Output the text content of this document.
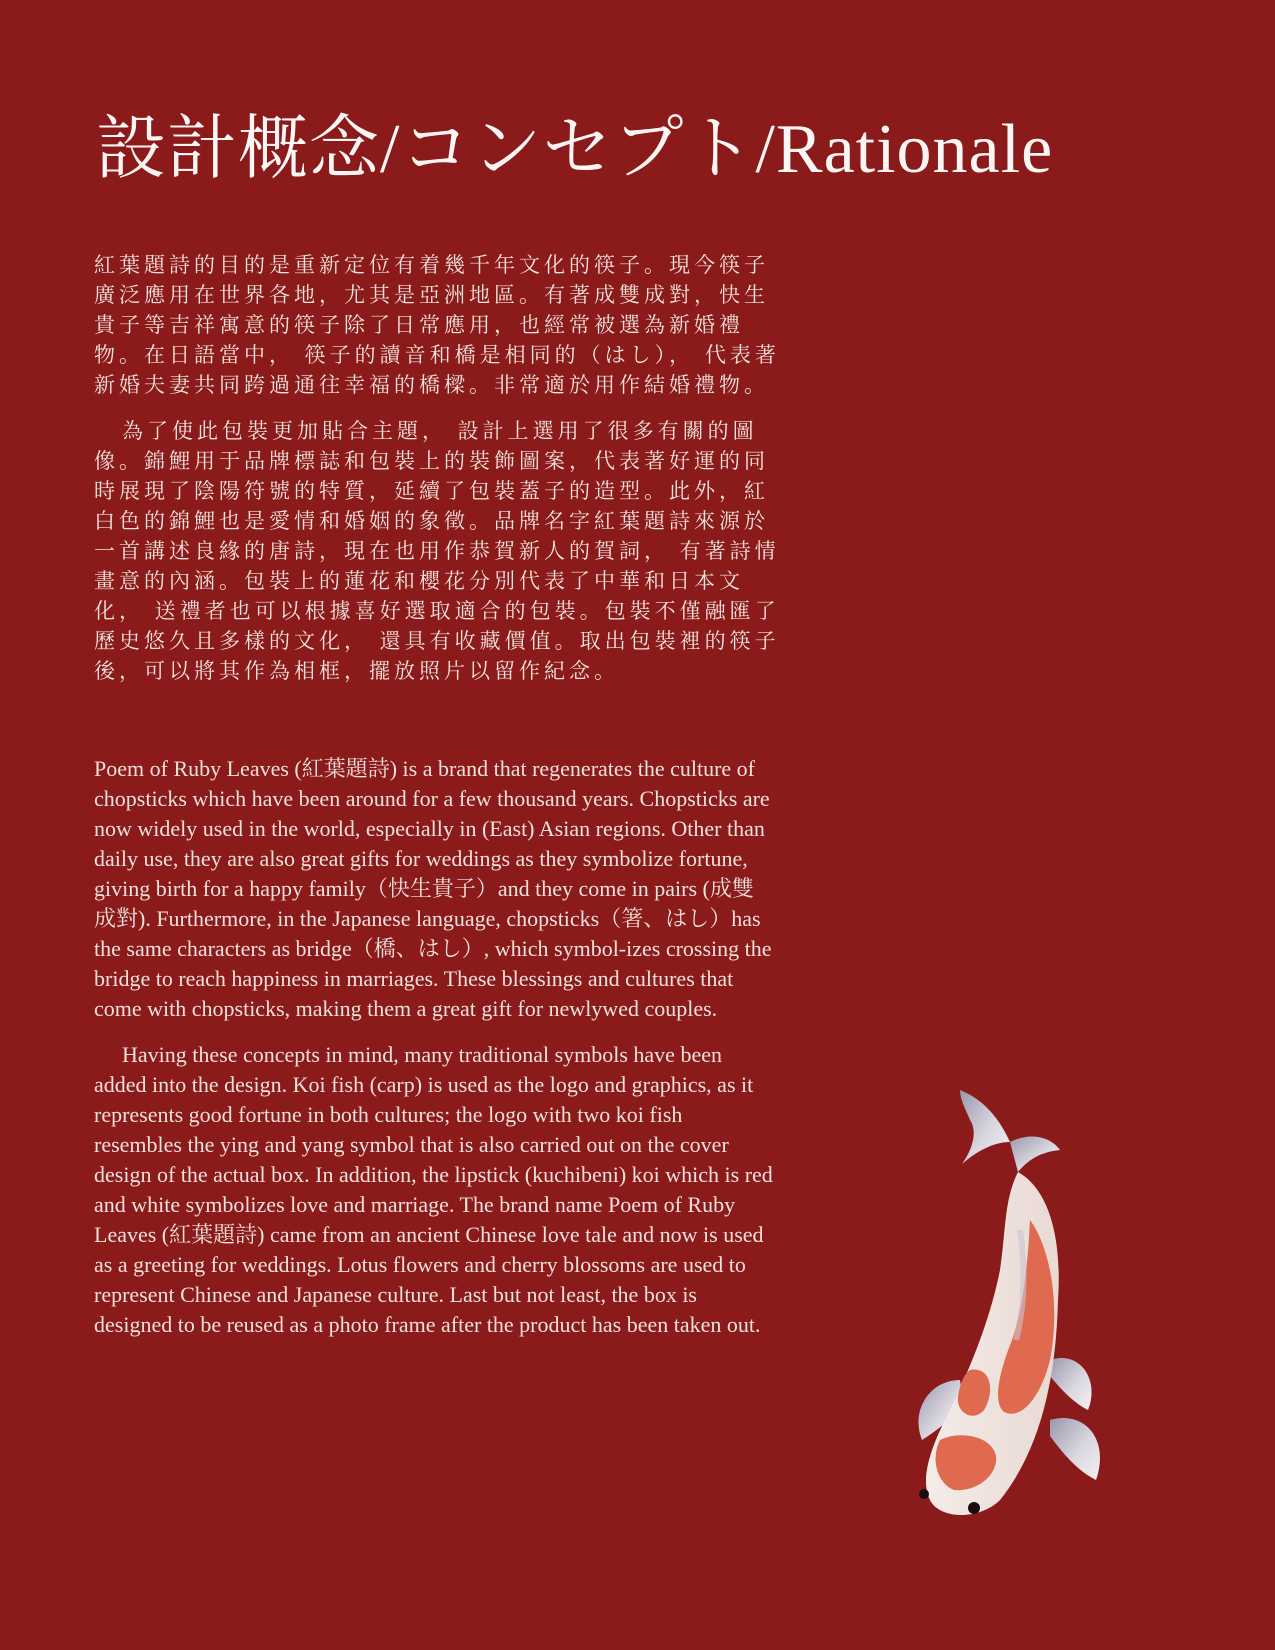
設計概念/コンセプト/Rationale

紅葉題詩的目的是重新定位有着幾千年文化的筷子。現今筷子廣泛應用在世界各地，尤其是亞洲地區。有著成雙成對，快生貴子等吉祥寓意的筷子除了日常應用，也經常被選為新婚禮物。在日語當中， 筷子的讀音和橋是相同的（はし）， 代表著新婚夫妻共同跨過通往幸福的橋樑。非常適於用作結婚禮物。

為了使此包裝更加貼合主題， 設計上選用了很多有關的圖像。錦鯉用于品牌標誌和包裝上的裝飾圖案，代表著好運的同時展現了陰陽符號的特質，延續了包裝蓋子的造型。此外，紅白色的錦鯉也是愛情和婚姻的象徵。品牌名字紅葉題詩來源於一首講述良緣的唐詩，現在也用作恭賀新人的賀詞， 有著詩情畫意的內涵。包裝上的蓮花和櫻花分別代表了中華和日本文化， 送禮者也可以根據喜好選取適合的包裝。包裝不僅融匯了歷史悠久且多樣的文化， 還具有收藏價值。取出包裝裡的筷子後，可以將其作為相框，擺放照片以留作紀念。

Poem of Ruby Leaves (紅葉題詩) is a brand that regenerates the culture of chopsticks which have been around for a few thousand years. Chopsticks are now widely used in the world, especially in (East) Asian regions. Other than daily use, they are also great gifts for weddings as they symbolize fortune, giving birth for a happy family（快生貴子）and they come in pairs (成雙成對). Furthermore, in the Japanese language, chopsticks（箸、はし）has the same characters as bridge（橋、はし）, which symbol-izes crossing the bridge to reach happiness in marriages. These blessings and cultures that come with chopsticks, making them a great gift for newlywed couples.

Having these concepts in mind, many traditional symbols have been added into the design. Koi fish (carp) is used as the logo and graphics, as it represents good fortune in both cultures; the logo with two koi fish resembles the ying and yang symbol that is also carried out on the cover design of the actual box. In addition, the lipstick (kuchibeni) koi which is red and white symbolizes love and marriage. The brand name Poem of Ruby Leaves (紅葉題詩) came from an ancient Chinese love tale and now is used as a greeting for weddings. Lotus flowers and cherry blossoms are used to represent Chinese and Japanese culture. Last but not least, the box is designed to be reused as a photo frame after the product has been taken out.
